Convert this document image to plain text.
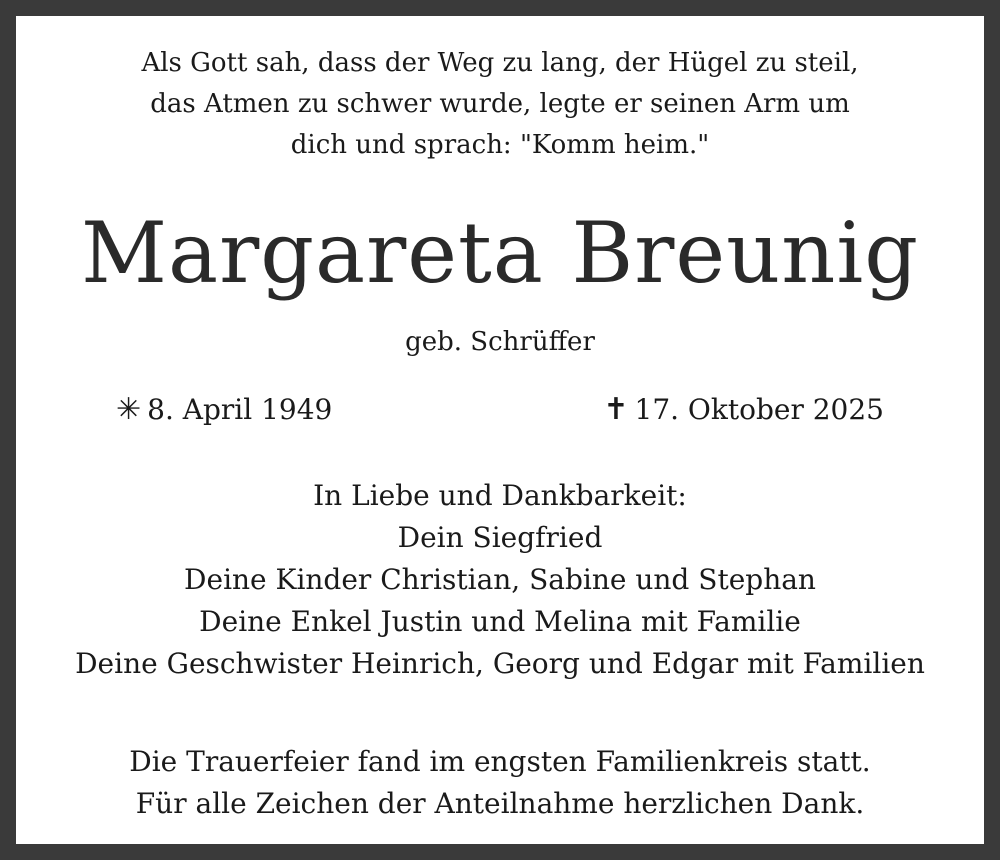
Als Gott sah, dass der Weg zu lang, der Hügel zu steil,
das Atmen zu schwer wurde, legte er seinen Arm um
dich und sprach: "Komm heim."
Margareta Breunig
geb. Schrüffer
✳ 8. April 1949	✝ 17. Oktober 2025
In Liebe und Dankbarkeit:
Dein Siegfried
Deine Kinder Christian, Sabine und Stephan
Deine Enkel Justin und Melina mit Familie
Deine Geschwister Heinrich, Georg und Edgar mit Familien
Die Trauerfeier fand im engsten Familienkreis statt.
Für alle Zeichen der Anteilnahme herzlichen Dank.
